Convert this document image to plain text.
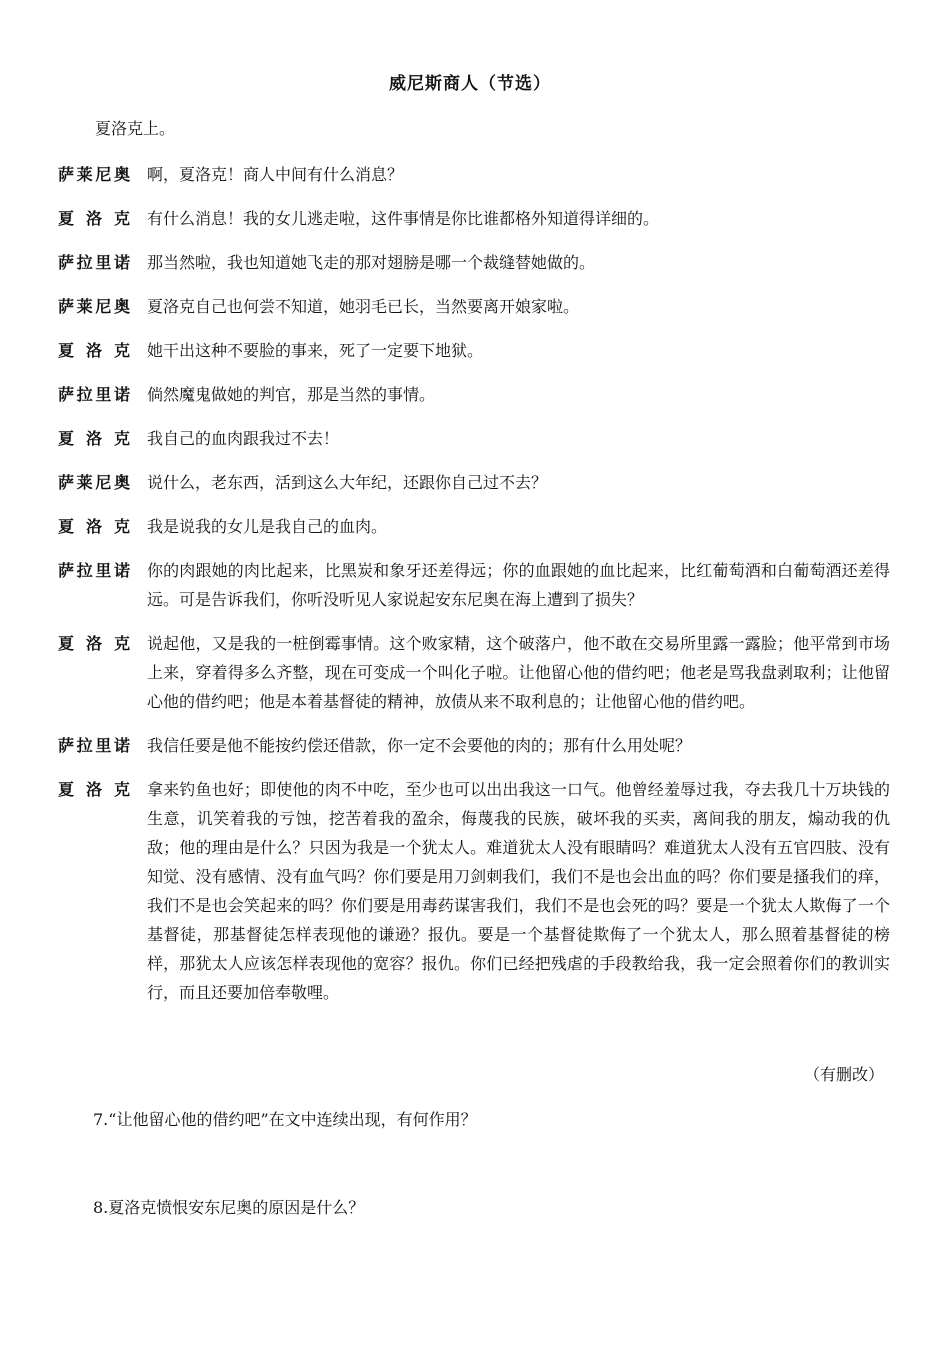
威尼斯商人（节选）
夏洛克上。
萨莱尼奥 啊，夏洛克！商人中间有什么消息？
夏洛克 有什么消息！我的女儿逃走啦，这件事情是你比谁都格外知道得详细的。
萨拉里诺 那当然啦，我也知道她飞走的那对翅膀是哪一个裁缝替她做的。
萨莱尼奥 夏洛克自己也何尝不知道，她羽毛已长，当然要离开娘家啦。
夏洛克 她干出这种不要脸的事来，死了一定要下地狱。
萨拉里诺 倘然魔鬼做她的判官，那是当然的事情。
夏洛克 我自己的血肉跟我过不去！
萨莱尼奥 说什么，老东西，活到这么大年纪，还跟你自己过不去？
夏洛克 我是说我的女儿是我自己的血肉。
萨拉里诺 你的肉跟她的肉比起来，比黑炭和象牙还差得远；你的血跟她的血比起来，比红葡萄酒和白葡萄酒还差得远。可是告诉我们，你听没听见人家说起安东尼奥在海上遭到了损失？
夏洛克 说起他，又是我的一桩倒霉事情。这个败家精，这个破落户，他不敢在交易所里露一露脸；他平常到市场上来，穿着得多么齐整，现在可变成一个叫化子啦。让他留心他的借约吧；他老是骂我盘剥取利；让他留心他的借约吧；他是本着基督徒的精神，放债从来不取利息的；让他留心他的借约吧。
萨拉里诺 我信任要是他不能按约偿还借款，你一定不会要他的肉的；那有什么用处呢？
夏洛克 拿来钓鱼也好；即使他的肉不中吃，至少也可以出出我这一口气。他曾经羞辱过我，夺去我几十万块钱的生意，讥笑着我的亏蚀，挖苦着我的盈余，侮蔑我的民族，破坏我的买卖，离间我的朋友，煽动我的仇敌；他的理由是什么？只因为我是一个犹太人。难道犹太人没有眼睛吗？难道犹太人没有五官四肢、没有知觉、没有感情、没有血气吗？你们要是用刀剑刺我们，我们不是也会出血的吗？你们要是搔我们的痒，我们不是也会笑起来的吗？你们要是用毒药谋害我们，我们不是也会死的吗？要是一个犹太人欺侮了一个基督徒，那基督徒怎样表现他的谦逊？报仇。要是一个基督徒欺侮了一个犹太人，那么照着基督徒的榜样，那犹太人应该怎样表现他的宽容？报仇。你们已经把残虐的手段教给我，我一定会照着你们的教训实行，而且还要加倍奉敬哩。
（有删改）
7.“让他留心他的借约吧”在文中连续出现，有何作用？
8.夏洛克愤恨安东尼奥的原因是什么？
